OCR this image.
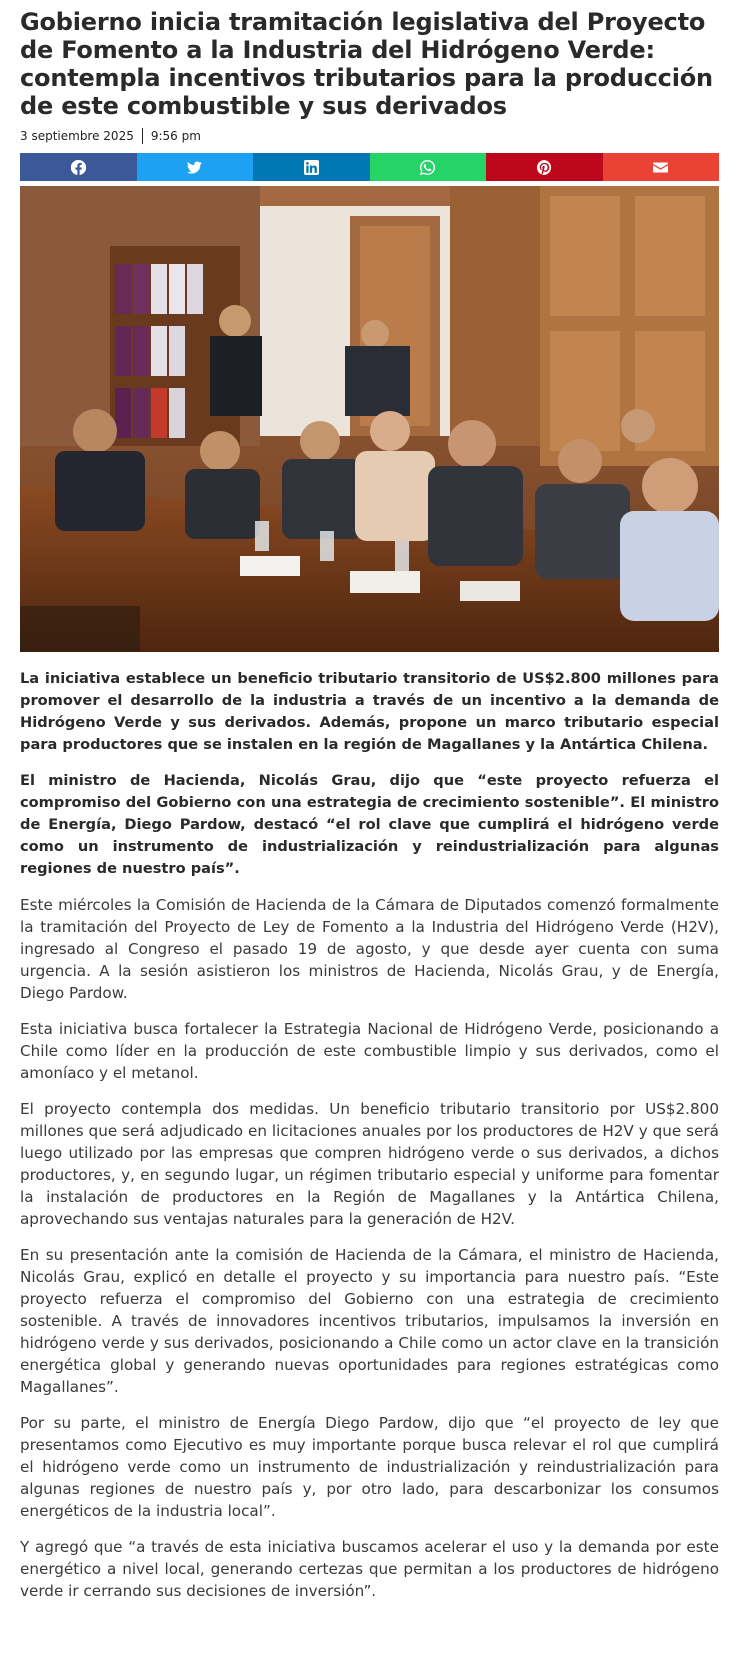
Gobierno inicia tramitación legislativa del Proyecto de Fomento a la Industria del Hidrógeno Verde: contempla incentivos tributarios para la producción de este combustible y sus derivados
3 septiembre 2025 9:56 pm

La iniciativa establece un beneficio tributario transitorio de US$2.800 millones para promover el desarrollo de la industria a través de un incentivo a la demanda de Hidrógeno Verde y sus derivados. Además, propone un marco tributario especial para productores que se instalen en la región de Magallanes y la Antártica Chilena.

El ministro de Hacienda, Nicolás Grau, dijo que “este proyecto refuerza el compromiso del Gobierno con una estrategia de crecimiento sostenible”. El ministro de Energía, Diego Pardow, destacó “el rol clave que cumplirá el hidrógeno verde como un instrumento de industrialización y reindustrialización para algunas regiones de nuestro país”.

Este miércoles la Comisión de Hacienda de la Cámara de Diputados comenzó formalmente la tramitación del Proyecto de Ley de Fomento a la Industria del Hidrógeno Verde (H2V), ingresado al Congreso el pasado 19 de agosto, y que desde ayer cuenta con suma urgencia. A la sesión asistieron los ministros de Hacienda, Nicolás Grau, y de Energía, Diego Pardow.

Esta iniciativa busca fortalecer la Estrategia Nacional de Hidrógeno Verde, posicionando a Chile como líder en la producción de este combustible limpio y sus derivados, como el amoníaco y el metanol.

El proyecto contempla dos medidas. Un beneficio tributario transitorio por US$2.800 millones que será adjudicado en licitaciones anuales por los productores de H2V y que será luego utilizado por las empresas que compren hidrógeno verde o sus derivados, a dichos productores, y, en segundo lugar, un régimen tributario especial y uniforme para fomentar la instalación de productores en la Región de Magallanes y la Antártica Chilena, aprovechando sus ventajas naturales para la generación de H2V.

En su presentación ante la comisión de Hacienda de la Cámara, el ministro de Hacienda, Nicolás Grau, explicó en detalle el proyecto y su importancia para nuestro país. “Este proyecto refuerza el compromiso del Gobierno con una estrategia de crecimiento sostenible. A través de innovadores incentivos tributarios, impulsamos la inversión en hidrógeno verde y sus derivados, posicionando a Chile como un actor clave en la transición energética global y generando nuevas oportunidades para regiones estratégicas como Magallanes”.

Por su parte, el ministro de Energía Diego Pardow, dijo que “el proyecto de ley que presentamos como Ejecutivo es muy importante porque busca relevar el rol que cumplirá el hidrógeno verde como un instrumento de industrialización y reindustrialización para algunas regiones de nuestro país y, por otro lado, para descarbonizar los consumos energéticos de la industria local”.

Y agregó que “a través de esta iniciativa buscamos acelerar el uso y la demanda por este energético a nivel local, generando certezas que permitan a los productores de hidrógeno verde ir cerrando sus decisiones de inversión”.
